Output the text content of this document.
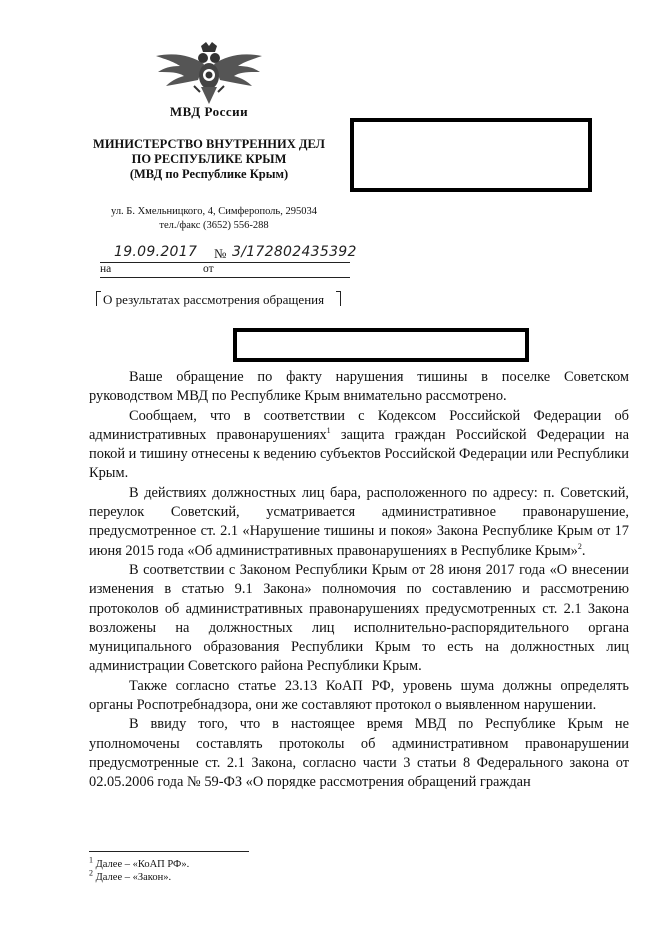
МВД России
МИНИСТЕРСТВО ВНУТРЕННИХ ДЕЛ
ПО РЕСПУБЛИКЕ КРЫМ
(МВД по Республике Крым)
ул. Б. Хмельницкого, 4, Симферополь, 295034
тел./факс (3652) 556-288
19.09.2017 № 3/172802435392
на	от
О результатах рассмотрения обращения

Ваше обращение по факту нарушения тишины в поселке Советском руководством МВД по Республике Крым внимательно рассмотрено.

Сообщаем, что в соответствии с Кодексом Российской Федерации об административных правонарушениях$^1$ защита граждан Российской Федерации на покой и тишину отнесены к ведению субъектов Российской Федерации или Республики Крым.

В действиях должностных лиц бара, расположенного по адресу: п. Советский, переулок Советский, усматривается административное правонарушение, предусмотренное ст. 2.1 «Нарушение тишины и покоя» Закона Республике Крым от 17 июня 2015 года «Об административных правонарушениях в Республике Крым»$^2$.

В соответствии с Законом Республики Крым от 28 июня 2017 года «О внесении изменения в статью 9.1 Закона» полномочия по составлению и рассмотрению протоколов об административных правонарушениях предусмотренных ст. 2.1 Закона возложены на должностных лиц исполнительно-распорядительного органа муниципального образования Республики Крым то есть на должностных лиц администрации Советского района Республики Крым.

Также согласно статье 23.13 КоАП РФ, уровень шума должны определять органы Роспотребнадзора, они же составляют протокол о выявленном нарушении.

В ввиду того, что в настоящее время МВД по Республике Крым не уполномочены составлять протоколы об административном правонарушении предусмотренные ст. 2.1 Закона, согласно части 3 статьи 8 Федерального закона от 02.05.2006 года № 59-ФЗ «О порядке рассмотрения обращений граждан

$^1$ Далее – «КоАП РФ».
$^2$ Далее – «Закон».
